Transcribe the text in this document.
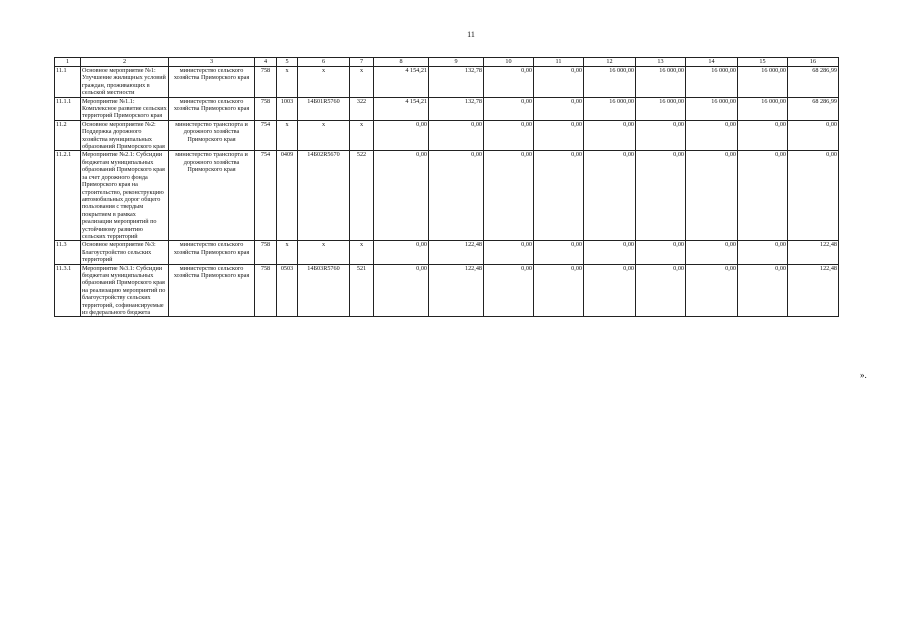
11
1	2	3	4	5	6	7	8	9	10	11	12	13	14	15	16
11.1	Основное мероприятие №1: Улучшение жилищных условий граждан, проживающих в сельской местности	министерство сельского хозяйства Приморского края	758	x	x	x	4 154,21	132,78	0,00	0,00	16 000,00	16 000,00	16 000,00	16 000,00	68 286,99
11.1.1	Мероприятие №1.1: Комплексное развитие сельских территорий Приморского края	министерство сельского хозяйства Приморского края	758	1003	14Б01R5760	322	4 154,21	132,78	0,00	0,00	16 000,00	16 000,00	16 000,00	16 000,00	68 286,99
11.2	Основное мероприятие №2: Поддержка дорожного хозяйства муниципальных образований Приморского края	министерство транспорта и дорожного хозяйства Приморского края	754	x	x	x	0,00	0,00	0,00	0,00	0,00	0,00	0,00	0,00	0,00
11.2.1	Мероприятие №2.1: Субсидии бюджетам муниципальных образований Приморского края за счет дорожного фонда Приморского края на строительство, реконструкцию автомобильных дорог общего пользования с твердым покрытием в рамках реализации мероприятий по устойчивому развитию сельских территорий	министерство транспорта и дорожного хозяйства Приморского края	754	0409	14Б02R5670	522	0,00	0,00	0,00	0,00	0,00	0,00	0,00	0,00	0,00
11.3	Основное мероприятие №3: Благоустройство сельских территорий	министерство сельского хозяйства Приморского края	758	x	x	x	0,00	122,48	0,00	0,00	0,00	0,00	0,00	0,00	122,48
11.3.1	Мероприятие №3.1: Субсидии бюджетам муниципальных образований Приморского края на реализацию мероприятий по благоустройству сельских территорий, софинансируемые из федерального бюджета	министерство сельского хозяйства Приморского края	758	0503	14Б03R5760	521	0,00	122,48	0,00	0,00	0,00	0,00	0,00	0,00	122,48
».
